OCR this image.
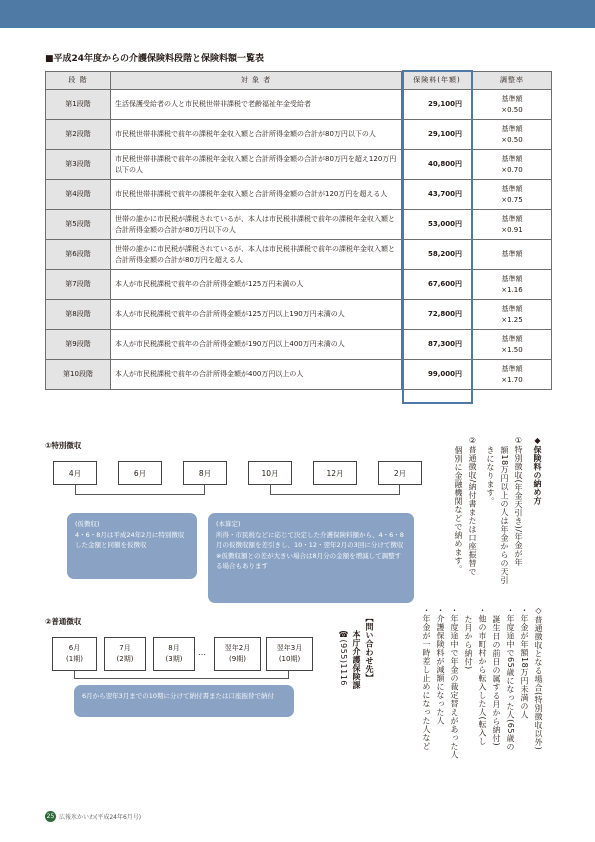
■平成24年度からの介護保険料段階と保険料額一覧表
段 階	対 象 者	保険料(年額)	調整率
第1段階	生活保護受給者の人と市民税世帯非課税で老齢福祉年金受給者	29,100円	基準額
×0.50

第2段階	市民税世帯非課税で前年の課税年金収入額と合計所得金額の合計が80万円以下の人	29,100円	基準額
×0.50

第3段階	市民税世帯非課税で前年の課税年金収入額と合計所得金額の合計が80万円を超え120万円以下の人	40,800円	基準額
×0.70

第4段階	市民税世帯非課税で前年の課税年金収入額と合計所得金額の合計が120万円を超える人	43,700円	基準額
×0.75

第5段階	世帯の誰かに市民税が課税されているが、本人は市民税非課税で前年の課税年金収入額と合計所得金額の合計が80万円以下の人	53,000円	基準額
×0.91

第6段階	世帯の誰かに市民税が課税されているが、本人は市民税非課税で前年の課税年金収入額と合計所得金額の合計が80万円を超える人	58,200円	基準額

第7段階	本人が市民税課税で前年の合計所得金額が125万円未満の人	67,600円	基準額
×1.16

第8段階	本人が市民税課税で前年の合計所得金額が125万円以上190万円未満の人	72,800円	基準額
×1.25

第9段階	本人が市民税課税で前年の合計所得金額が190万円以上400万円未満の人	87,300円	基準額
×1.50

第10段階	本人が市民税課税で前年の合計所得金額が400万円以上の人	99,000円	基準額
×1.70
①特別徴収
4月	6月	8月	10月	12月	2月
(仮徴収)
4・6・8月は平成24年2月に特別徴収した金額と同額を仮徴収
(本算定)
所得・市民税などに応じて決定した介護保険料額から、4・6・8月の仮徴収額を差引きし、10・12・翌年2月の3回に分けて徴収
※仮徴収額との差が大きい場合は8月分の金額を増減して調整する場合もあります
②普通徴収
6月
(1期)
7月
(2期)
8月
(3期)
…	翌年2月
(9期)
翌年3月
(10期)
6月から翌年3月までの10期に分けて納付書または口座振替で納付
【問い合わせ先】
本庁介護保険課
☎(955)1116
◆保険料の納め方
①特別徴収(年金天引き)/年金が年
額18万円以上の人は年金からの天引
きになります。
②普通徴収/納付書または口座振替で
個別に金融機関などで納めます。
◇普通徴収となる場合(特別徴収以外)
・年金が年額18万円未満の人
・年度途中で65歳になった人(65歳の
誕生日の前日の属する月から納付)
・他の市町村から転入した人(転入し
た月から納付)
・年度途中で年金の裁定替えがあった人
・介護保険料が減額になった人
・年金が一時差し止めになった人など
25 広報氷かいわ(平成24年6月号)
